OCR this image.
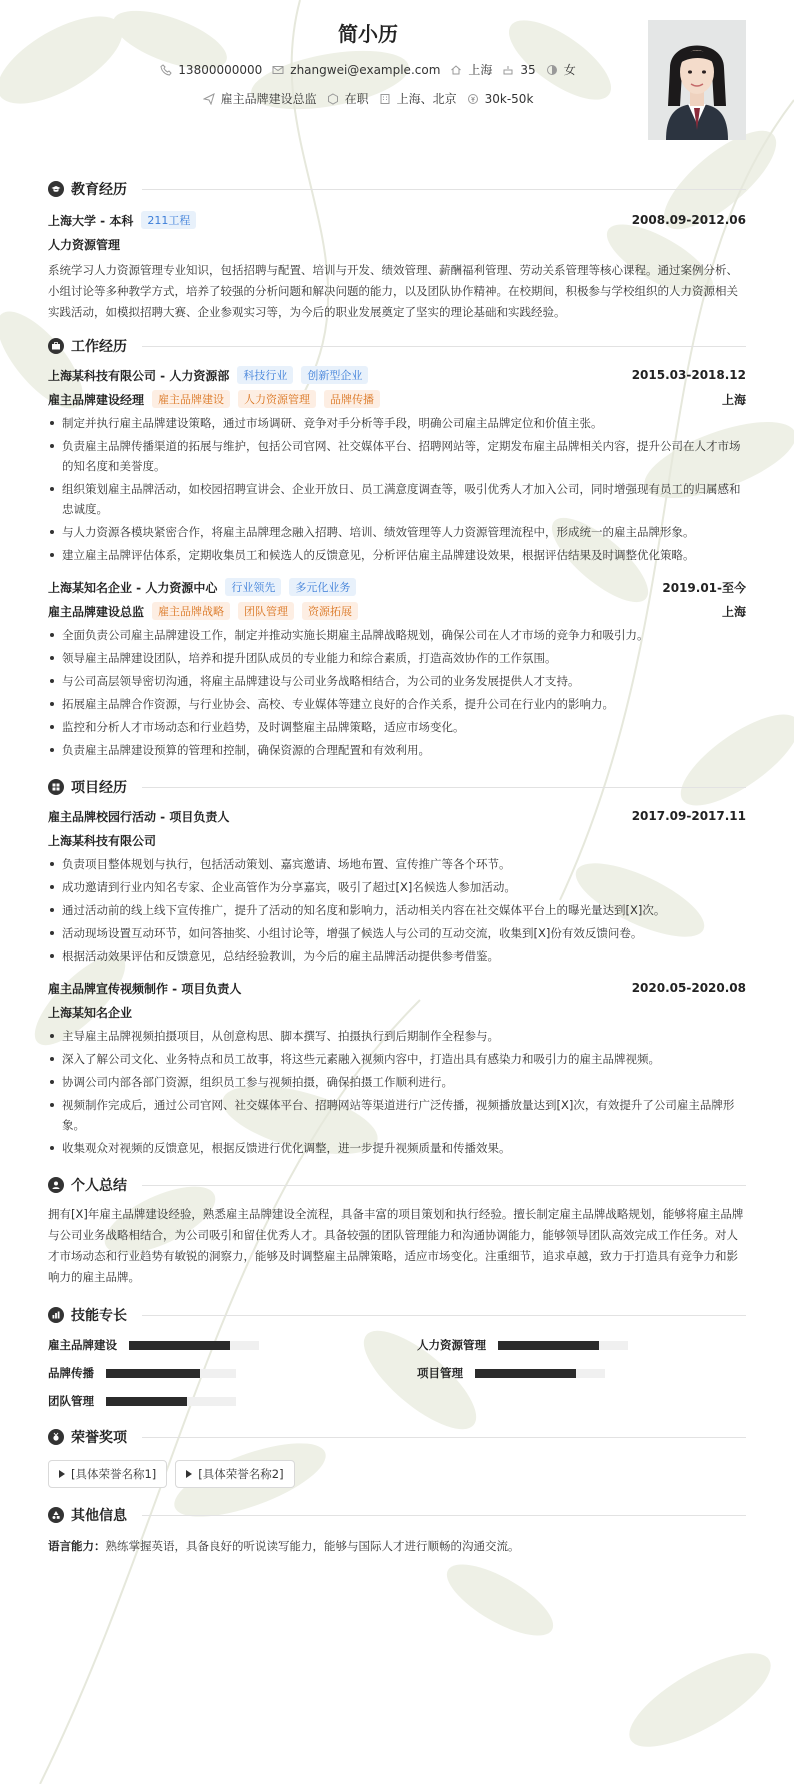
简小历
13800000000 zhangwei@example.com 上海 35 女
雇主品牌建设总监 在职 上海、北京 30k-50k
教育经历
上海大学 - 本科	211工程	2008.09-2012.06
人力资源管理
系统学习人力资源管理专业知识，包括招聘与配置、培训与开发、绩效管理、薪酬福利管理、劳动关系管理等核心课程。通过案例分析、小组讨论等多种教学方式，培养了较强的分析问题和解决问题的能力，以及团队协作精神。在校期间，积极参与学校组织的人力资源相关实践活动，如模拟招聘大赛、企业参观实习等，为今后的职业发展奠定了坚实的理论基础和实践经验。
工作经历
上海某科技有限公司 - 人力资源部	科技行业	创新型企业	2015.03-2018.12
雇主品牌建设经理	雇主品牌建设	人力资源管理	品牌传播	上海
制定并执行雇主品牌建设策略，通过市场调研、竞争对手分析等手段，明确公司雇主品牌定位和价值主张。
负责雇主品牌传播渠道的拓展与维护，包括公司官网、社交媒体平台、招聘网站等，定期发布雇主品牌相关内容，提升公司在人才市场的知名度和美誉度。
组织策划雇主品牌活动，如校园招聘宣讲会、企业开放日、员工满意度调查等，吸引优秀人才加入公司，同时增强现有员工的归属感和忠诚度。
与人力资源各模块紧密合作，将雇主品牌理念融入招聘、培训、绩效管理等人力资源管理流程中，形成统一的雇主品牌形象。
建立雇主品牌评估体系，定期收集员工和候选人的反馈意见，分析评估雇主品牌建设效果，根据评估结果及时调整优化策略。
上海某知名企业 - 人力资源中心	行业领先	多元化业务	2019.01-至今
雇主品牌建设总监	雇主品牌战略	团队管理	资源拓展	上海
全面负责公司雇主品牌建设工作，制定并推动实施长期雇主品牌战略规划，确保公司在人才市场的竞争力和吸引力。
领导雇主品牌建设团队，培养和提升团队成员的专业能力和综合素质，打造高效协作的工作氛围。
与公司高层领导密切沟通，将雇主品牌建设与公司业务战略相结合，为公司的业务发展提供人才支持。
拓展雇主品牌合作资源，与行业协会、高校、专业媒体等建立良好的合作关系，提升公司在行业内的影响力。
监控和分析人才市场动态和行业趋势，及时调整雇主品牌策略，适应市场变化。
负责雇主品牌建设预算的管理和控制，确保资源的合理配置和有效利用。
项目经历
雇主品牌校园行活动 - 项目负责人	2017.09-2017.11
上海某科技有限公司
负责项目整体规划与执行，包括活动策划、嘉宾邀请、场地布置、宣传推广等各个环节。
成功邀请到行业内知名专家、企业高管作为分享嘉宾，吸引了超过[X]名候选人参加活动。
通过活动前的线上线下宣传推广，提升了活动的知名度和影响力，活动相关内容在社交媒体平台上的曝光量达到[X]次。
活动现场设置互动环节，如问答抽奖、小组讨论等，增强了候选人与公司的互动交流，收集到[X]份有效反馈问卷。
根据活动效果评估和反馈意见，总结经验教训，为今后的雇主品牌活动提供参考借鉴。
雇主品牌宣传视频制作 - 项目负责人	2020.05-2020.08
上海某知名企业
主导雇主品牌视频拍摄项目，从创意构思、脚本撰写、拍摄执行到后期制作全程参与。
深入了解公司文化、业务特点和员工故事，将这些元素融入视频内容中，打造出具有感染力和吸引力的雇主品牌视频。
协调公司内部各部门资源，组织员工参与视频拍摄，确保拍摄工作顺利进行。
视频制作完成后，通过公司官网、社交媒体平台、招聘网站等渠道进行广泛传播，视频播放量达到[X]次，有效提升了公司雇主品牌形象。
收集观众对视频的反馈意见，根据反馈进行优化调整，进一步提升视频质量和传播效果。
个人总结
拥有[X]年雇主品牌建设经验，熟悉雇主品牌建设全流程，具备丰富的项目策划和执行经验。擅长制定雇主品牌战略规划，能够将雇主品牌与公司业务战略相结合，为公司吸引和留住优秀人才。具备较强的团队管理能力和沟通协调能力，能够领导团队高效完成工作任务。对人才市场动态和行业趋势有敏锐的洞察力，能够及时调整雇主品牌策略，适应市场变化。注重细节，追求卓越，致力于打造具有竞争力和影响力的雇主品牌。
技能专长
雇主品牌建设	人力资源管理
品牌传播	项目管理
团队管理
荣誉奖项
[具体荣誉名称1]	[具体荣誉名称2]
其他信息
语言能力：熟练掌握英语，具备良好的听说读写能力，能够与国际人才进行顺畅的沟通交流。
